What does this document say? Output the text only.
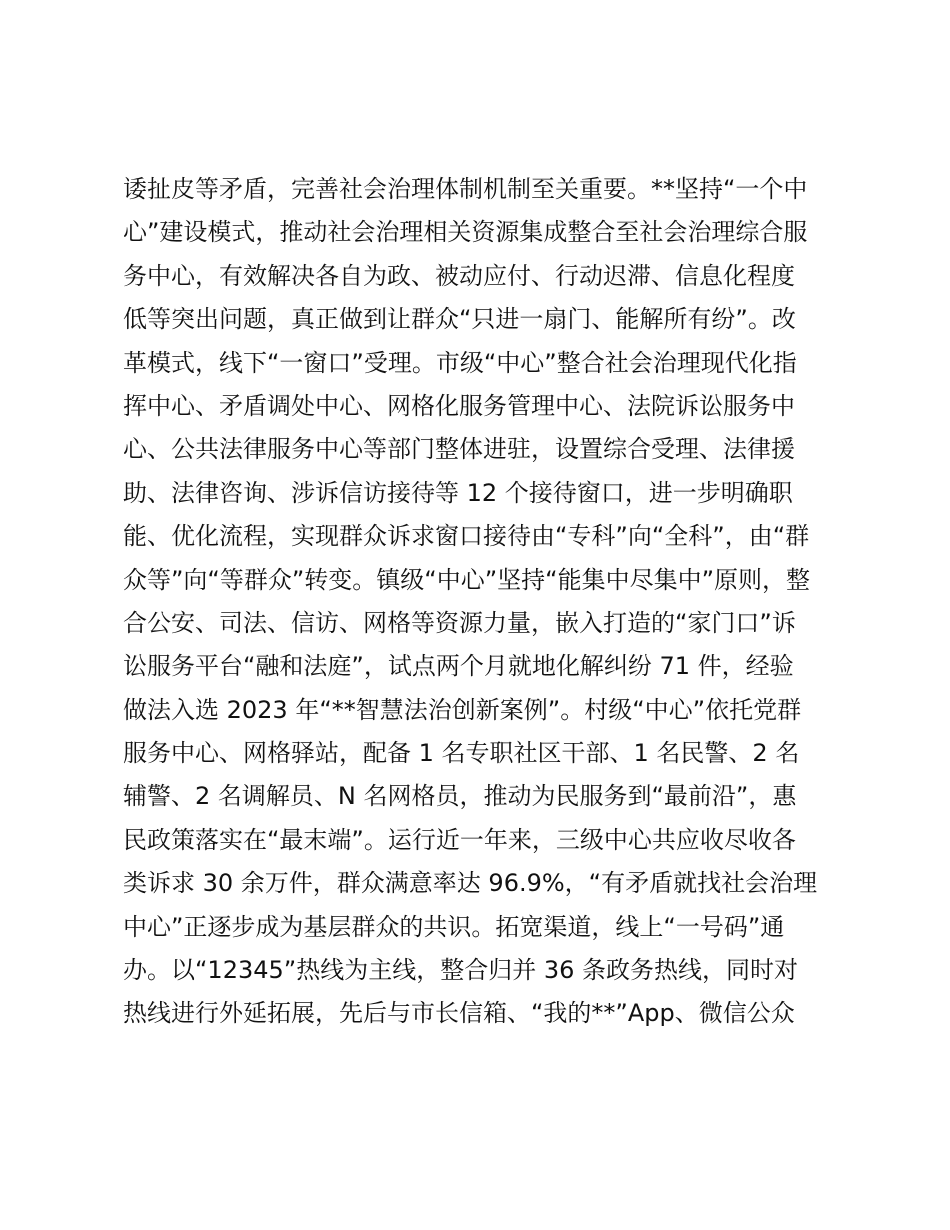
诿扯皮等矛盾，完善社会治理体制机制至关重要。**坚持“一个中
心”建设模式，推动社会治理相关资源集成整合至社会治理综合服
务中心，有效解决各自为政、被动应付、行动迟滞、信息化程度
低等突出问题，真正做到让群众“只进一扇门、能解所有纷”。改
革模式，线下“一窗口”受理。市级“中心”整合社会治理现代化指
挥中心、矛盾调处中心、网格化服务管理中心、法院诉讼服务中
心、公共法律服务中心等部门整体进驻，设置综合受理、法律援
助、法律咨询、涉诉信访接待等 12 个接待窗口，进一步明确职
能、优化流程，实现群众诉求窗口接待由“专科”向“全科”，由“群
众等”向“等群众”转变。镇级“中心”坚持“能集中尽集中”原则，整
合公安、司法、信访、网格等资源力量，嵌入打造的“家门口”诉
讼服务平台“融和法庭”，试点两个月就地化解纠纷 71 件，经验
做法入选 2023 年“**智慧法治创新案例”。村级“中心”依托党群
服务中心、网格驿站，配备 1 名专职社区干部、1 名民警、2 名
辅警、2 名调解员、N 名网格员，推动为民服务到“最前沿”，惠
民政策落实在“最末端”。运行近一年来，三级中心共应收尽收各
类诉求 30 余万件，群众满意率达 96.9%，“有矛盾就找社会治理
中心”正逐步成为基层群众的共识。拓宽渠道，线上“一号码”通
办。以“12345”热线为主线，整合归并 36 条政务热线，同时对
热线进行外延拓展，先后与市长信箱、“我的**”App、微信公众
